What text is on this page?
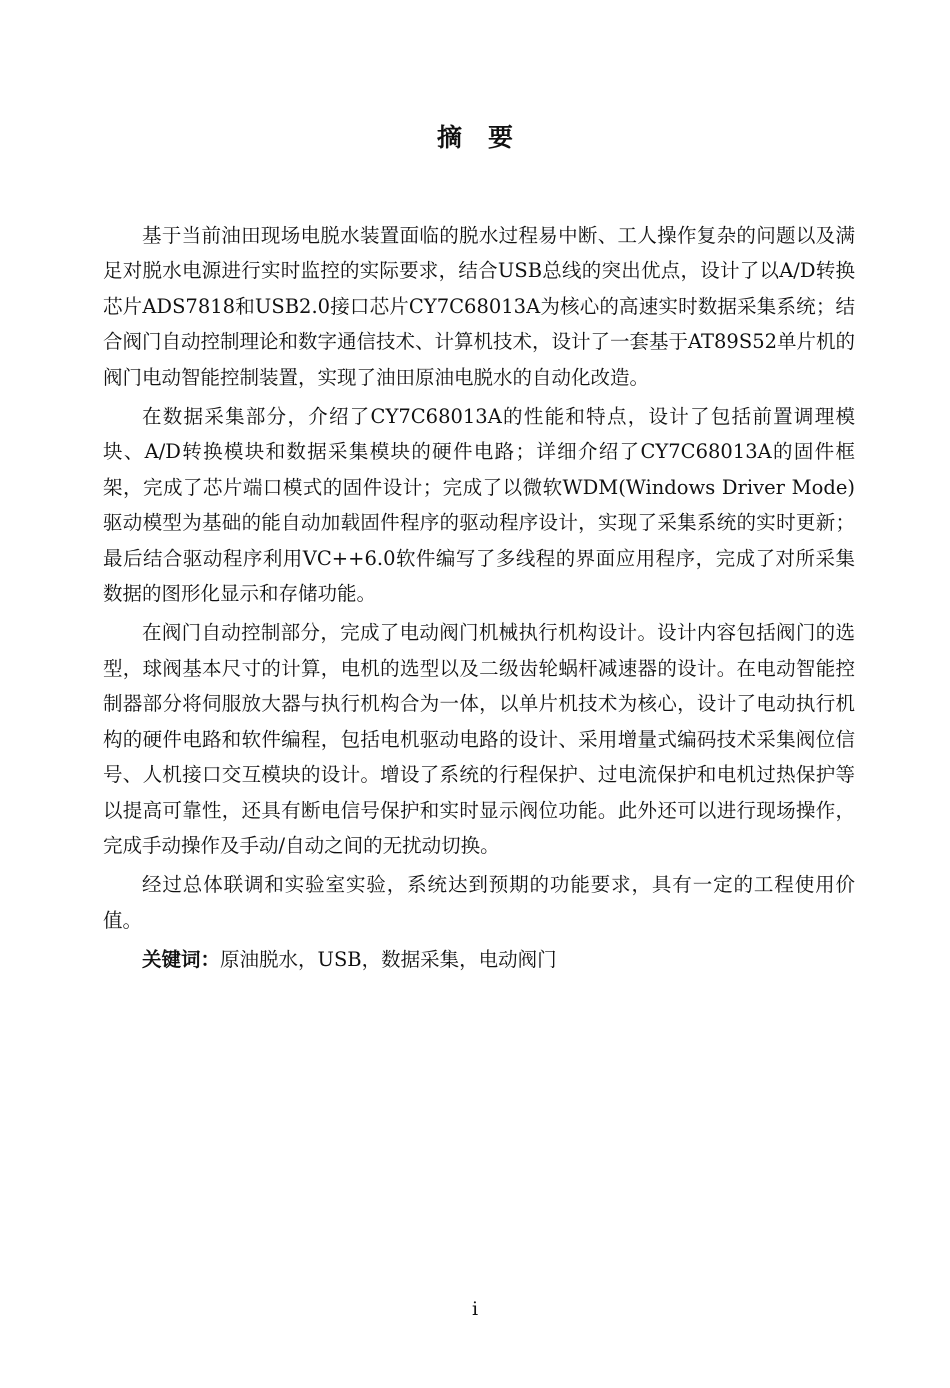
摘要

基于当前油田现场电脱水装置面临的脱水过程易中断、工人操作复杂的问题以及满足对脱水电源进行实时监控的实际要求，结合USB总线的突出优点，设计了以A/D转换芯片ADS7818和USB2.0接口芯片CY7C68013A为核心的高速实时数据采集系统；结合阀门自动控制理论和数字通信技术、计算机技术，设计了一套基于AT89S52单片机的阀门电动智能控制装置，实现了油田原油电脱水的自动化改造。

在数据采集部分，介绍了CY7C68013A的性能和特点，设计了包括前置调理模块、A/D转换模块和数据采集模块的硬件电路；详细介绍了CY7C68013A的固件框架，完成了芯片端口模式的固件设计；完成了以微软WDM(Windows Driver Mode)驱动模型为基础的能自动加载固件程序的驱动程序设计，实现了采集系统的实时更新；最后结合驱动程序利用VC++6.0软件编写了多线程的界面应用程序，完成了对所采集数据的图形化显示和存储功能。

在阀门自动控制部分，完成了电动阀门机械执行机构设计。设计内容包括阀门的选型，球阀基本尺寸的计算，电机的选型以及二级齿轮蜗杆减速器的设计。在电动智能控制器部分将伺服放大器与执行机构合为一体，以单片机技术为核心，设计了电动执行机构的硬件电路和软件编程，包括电机驱动电路的设计、采用增量式编码技术采集阀位信号、人机接口交互模块的设计。增设了系统的行程保护、过电流保护和电机过热保护等以提高可靠性，还具有断电信号保护和实时显示阀位功能。此外还可以进行现场操作，完成手动操作及手动/自动之间的无扰动切换。

经过总体联调和实验室实验，系统达到预期的功能要求，具有一定的工程使用价值。

关键词：原油脱水，USB，数据采集，电动阀门

i
